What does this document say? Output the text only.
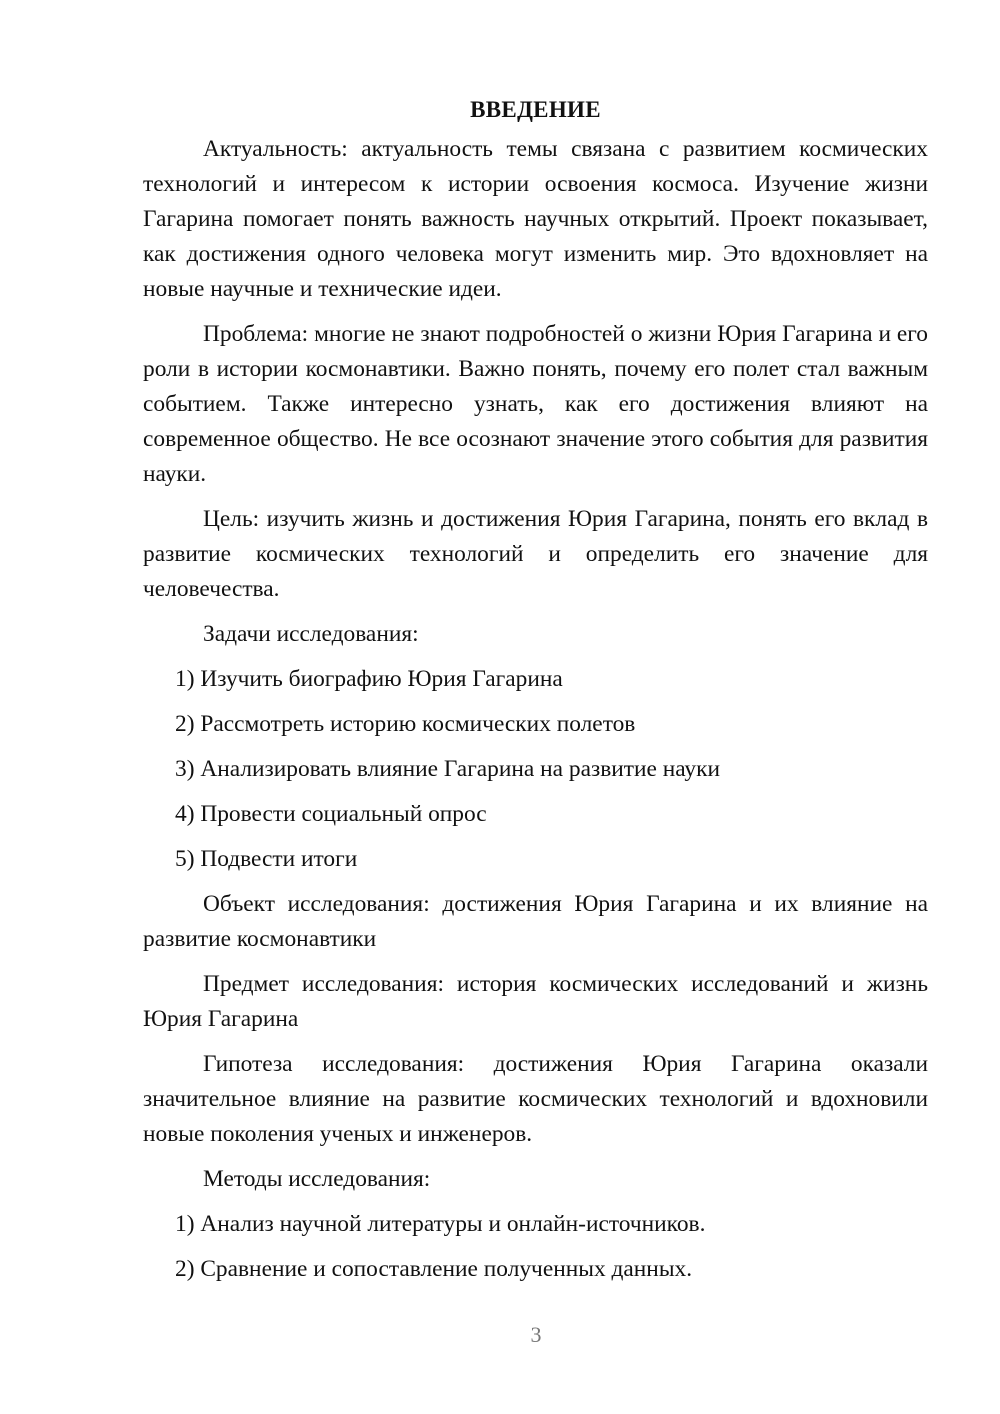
ВВЕДЕНИЕ

Актуальность: актуальность темы связана с развитием космических технологий и интересом к истории освоения космоса. Изучение жизни Гагарина помогает понять важность научных открытий. Проект показывает, как достижения одного человека могут изменить мир. Это вдохновляет на новые научные и технические идеи.

Проблема: многие не знают подробностей о жизни Юрия Гагарина и его роли в истории космонавтики. Важно понять, почему его полет стал важным событием. Также интересно узнать, как его достижения влияют на современное общество. Не все осознают значение этого события для развития науки.

Цель: изучить жизнь и достижения Юрия Гагарина, понять его вклад в развитие космических технологий и определить его значение для человечества.

Задачи исследования:

1) Изучить биографию Юрия Гагарина
2) Рассмотреть историю космических полетов
3) Анализировать влияние Гагарина на развитие науки
4) Провести социальный опрос
5) Подвести итоги

Объект исследования: достижения Юрия Гагарина и их влияние на развитие космонавтики

Предмет исследования: история космических исследований и жизнь Юрия Гагарина

Гипотеза исследования: достижения Юрия Гагарина оказали значительное влияние на развитие космических технологий и вдохновили новые поколения ученых и инженеров.

Методы исследования:

1) Анализ научной литературы и онлайн-источников.
2) Сравнение и сопоставление полученных данных.
3
